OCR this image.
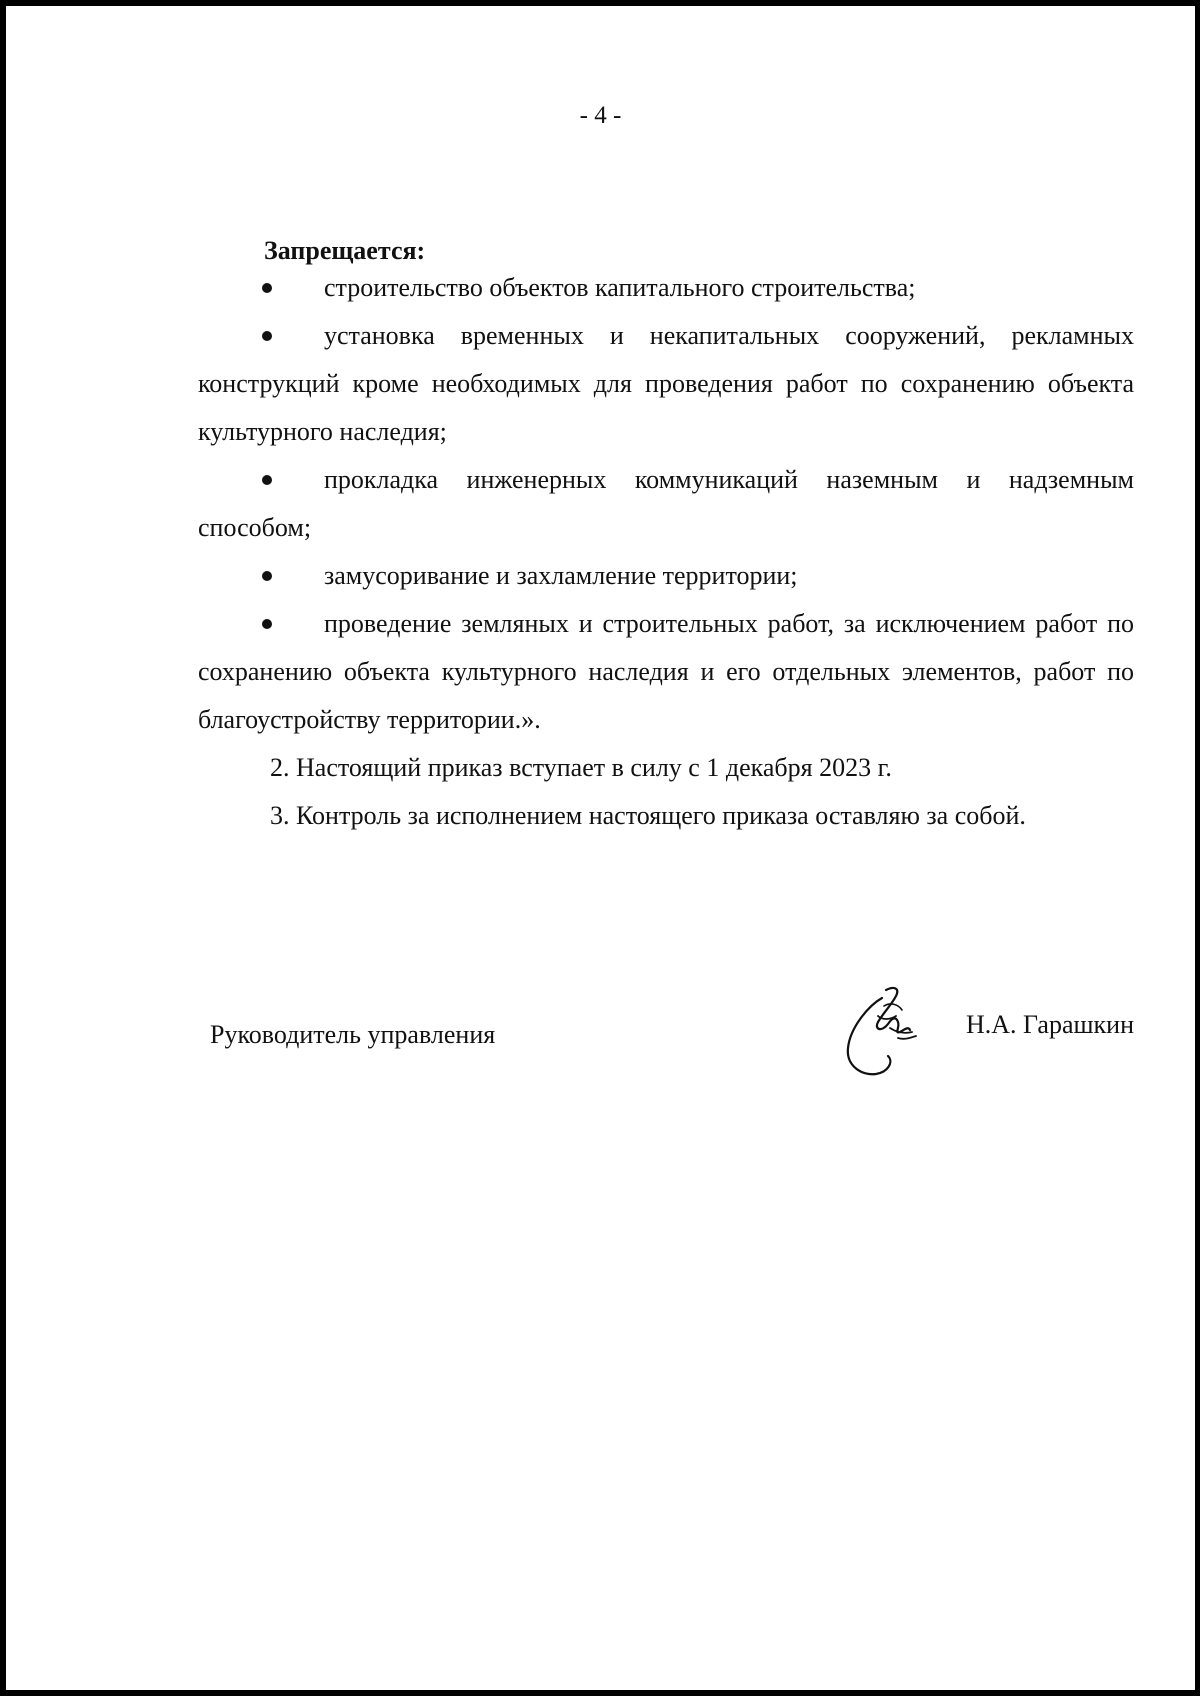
- 4 -
Запрещается:

строительство объектов капитального строительства;

установка временных и некапитальных сооружений, рекламных конструкций кроме необходимых для проведения работ по сохранению объекта культурного наследия;

прокладка инженерных коммуникаций наземным и надземным способом;

замусоривание и захламление территории;

проведение земляных и строительных работ, за исключением работ по сохранению объекта культурного наследия и его отдельных элементов, работ по благоустройству территории.».

2. Настоящий приказ вступает в силу с 1 декабря 2023 г.

3. Контроль за исполнением настоящего приказа оставляю за собой.

Руководитель управления	Н.А. Гарашкин
